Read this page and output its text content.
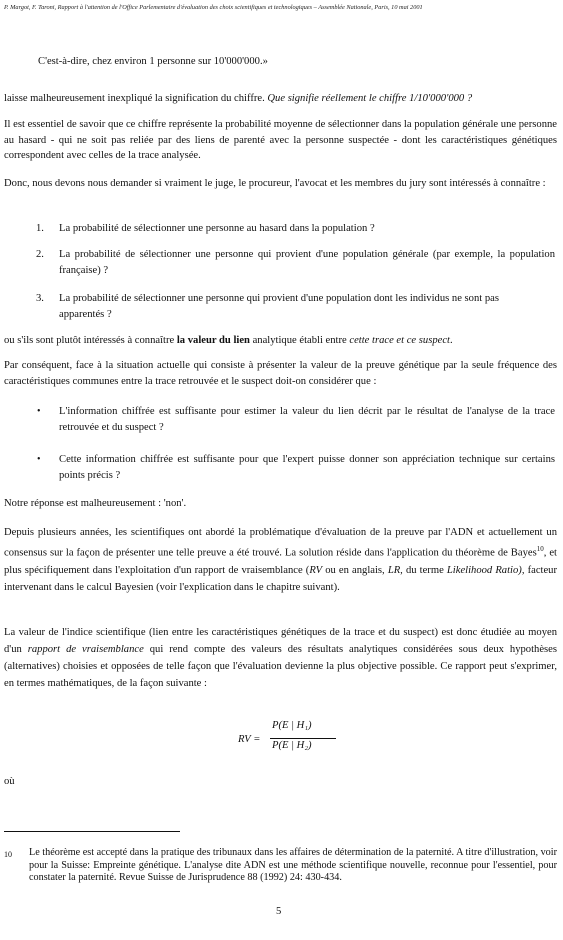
P. Margot, F. Taroni, Rapport à l'attention de l'Office Parlementaire d'évaluation des choix scientifiques et technologiques – Assemblée Nationale, Paris, 10 mai 2001
C'est-à-dire, chez environ 1 personne sur 10'000'000.»
laisse malheureusement inexpliqué la signification du chiffre. Que signifie réellement le chiffre 1/10'000'000 ?
Il est essentiel de savoir que ce chiffre représente la probabilité moyenne de sélectionner dans la population générale une personne au hasard - qui ne soit pas reliée par des liens de parenté avec la personne suspectée - dont les caractéristiques génétiques correspondent avec celles de la trace analysée.
Donc, nous devons nous demander si vraiment le juge, le procureur, l'avocat et les membres du jury sont intéressés à connaître :
1.	La probabilité de sélectionner une personne au hasard dans la population ?
2.	La probabilité de sélectionner une personne qui provient d'une population générale (par exemple, la population française) ?
3.	La probabilité de sélectionner une personne qui provient d'une population dont les individus ne sont pas apparentés ?
ou s'ils sont plutôt intéressés à connaître la valeur du lien analytique établi entre cette trace et ce suspect.
Par conséquent, face à la situation actuelle qui consiste à présenter la valeur de la preuve génétique par la seule fréquence des caractéristiques communes entre la trace retrouvée et le suspect doit-on considérer que :
• L'information chiffrée est suffisante pour estimer la valeur du lien décrit par le résultat de l'analyse de la trace retrouvée et du suspect ?
• Cette information chiffrée est suffisante pour que l'expert puisse donner son appréciation technique sur certains points précis ?
Notre réponse est malheureusement : 'non'.
Depuis plusieurs années, les scientifiques ont abordé la problématique d'évaluation de la preuve par l'ADN et actuellement un consensus sur la façon de présenter une telle preuve a été trouvé. La solution réside dans l'application du théorème de Bayes$^{10}$, et plus spécifiquement dans l'exploitation d'un rapport de vraisemblance (RV ou en anglais, LR, du terme Likelihood Ratio), facteur intervenant dans le calcul Bayesien (voir l'explication dans le chapitre suivant).
La valeur de l'indice scientifique (lien entre les caractéristiques génétiques de la trace et du suspect) est donc étudiée au moyen d'un rapport de vraisemblance qui rend compte des valeurs des résultats analytiques considérées sous deux hypothèses (alternatives) choisies et opposées de telle façon que l'évaluation devienne la plus objective possible. Ce rapport peut s'exprimer, en termes mathématiques, de la façon suivante :
RV =
P(E | H₁)
P(E | H₂)
où
10 Le théorème est accepté dans la pratique des tribunaux dans les affaires de détermination de la paternité. A titre d'illustration, voir pour la Suisse: Empreinte génétique. L'analyse dite ADN est une méthode scientifique nouvelle, reconnue pour l'essentiel, pour constater la paternité. Revue Suisse de Jurisprudence 88 (1992) 24: 430-434.
5
